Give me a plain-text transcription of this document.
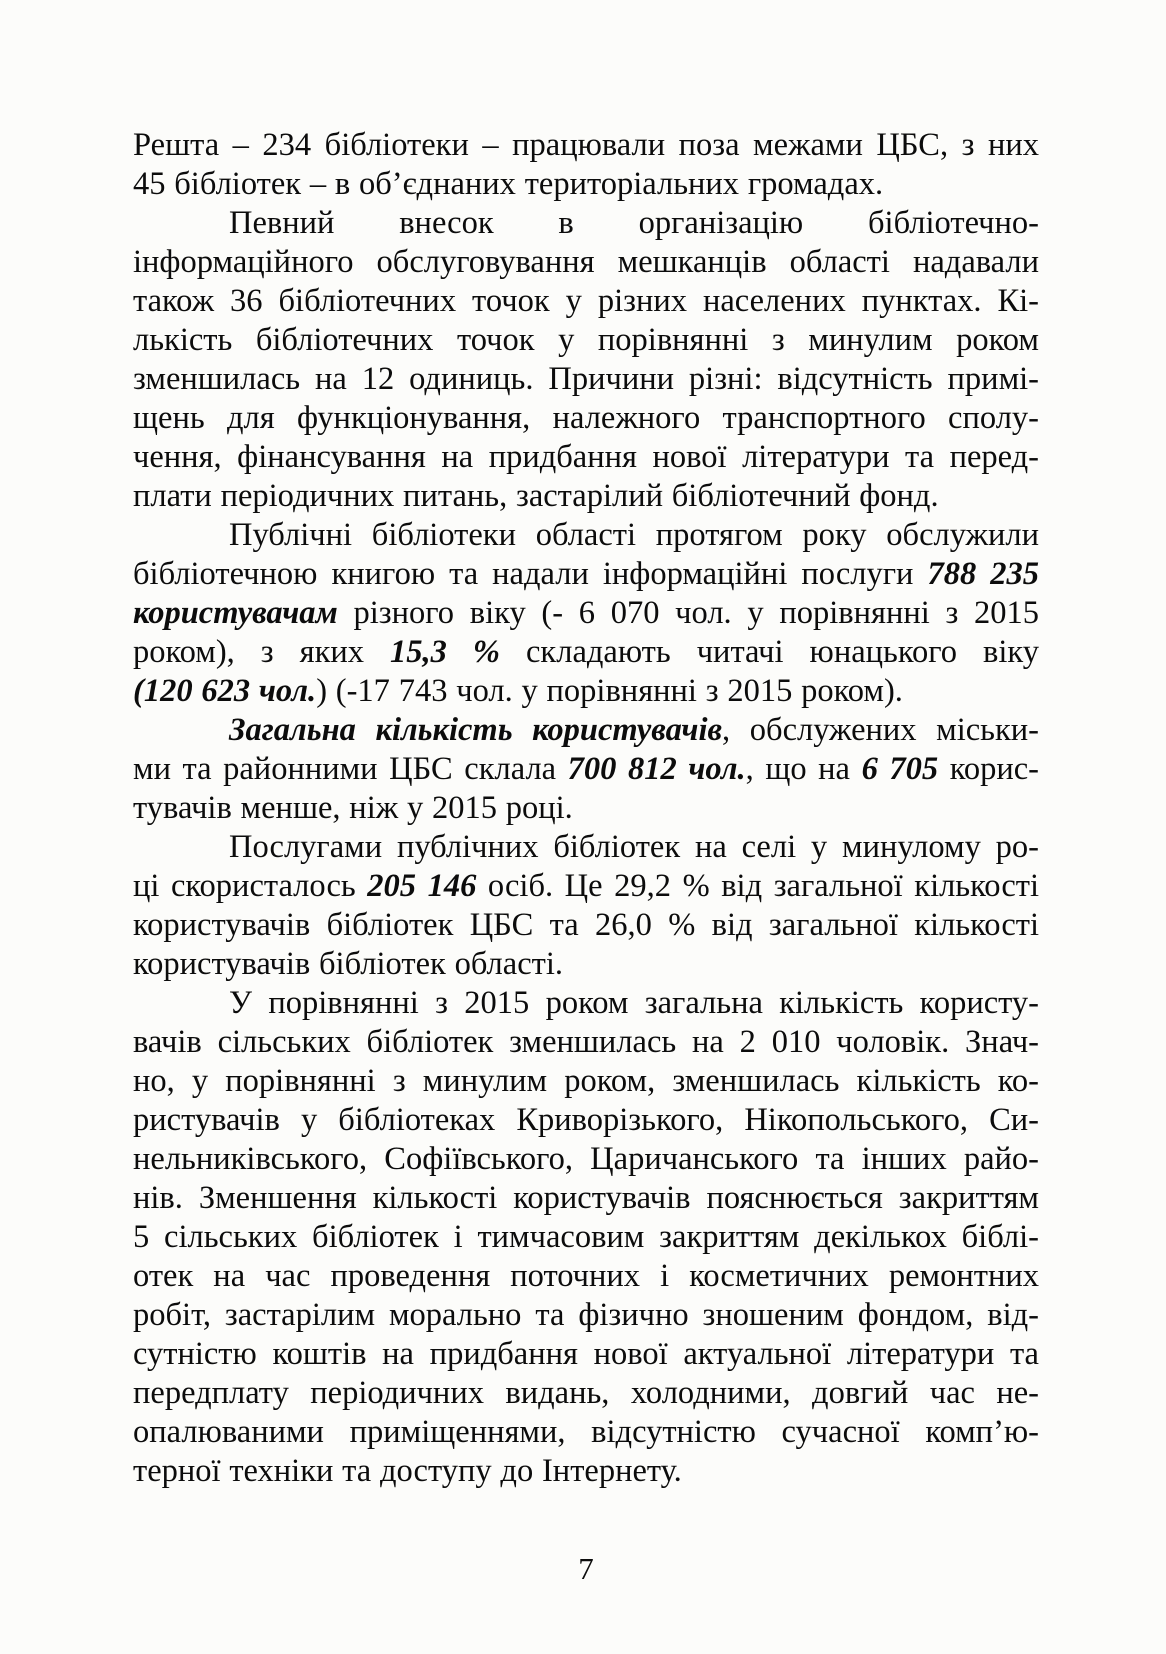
Решта – 234 бібліотеки – працювали поза межами ЦБС, з них
45 бібліотек – в об’єднаних територіальних громадах.
Певний внесок в організацію бібліотечно-
інформаційного обслуговування мешканців області надавали
також 36 бібліотечних точок у різних населених пунктах. Кі-
лькість бібліотечних точок у порівнянні з минулим роком
зменшилась на 12 одиниць. Причини різні: відсутність примі-
щень для функціонування, належного транспортного сполу-
чення, фінансування на придбання нової літератури та перед-
плати періодичних питань, застарілий бібліотечний фонд.
Публічні бібліотеки області протягом року обслужили
бібліотечною книгою та надали інформаційні послуги 788 235
користувачам різного віку (- 6 070 чол. у порівнянні з 2015
роком), з яких 15,3 % складають читачі юнацького віку
(120 623 чол.) (-17 743 чол. у порівнянні з 2015 роком).
Загальна кількість користувачів, обслужених міськи-
ми та районними ЦБС склала 700 812 чол., що на 6 705 корис-
тувачів менше, ніж у 2015 році.
Послугами публічних бібліотек на селі у минулому ро-
ці скористалось 205 146 осіб. Це 29,2 % від загальної кількості
користувачів бібліотек ЦБС та 26,0 % від загальної кількості
користувачів бібліотек області.
У порівнянні з 2015 роком загальна кількість користу-
вачів сільських бібліотек зменшилась на 2 010 чоловік. Знач-
но, у порівнянні з минулим роком, зменшилась кількість ко-
ристувачів у бібліотеках Криворізького, Нікопольського, Си-
нельниківського, Софіївського, Царичанського та інших райо-
нів. Зменшення кількості користувачів пояснюється закриттям
5 сільських бібліотек і тимчасовим закриттям декількох біблі-
отек на час проведення поточних і косметичних ремонтних
робіт, застарілим морально та фізично зношеним фондом, від-
сутністю коштів на придбання нової актуальної літератури та
передплату періодичних видань, холодними, довгий час не-
опалюваними приміщеннями, відсутністю сучасної комп’ю-
терної техніки та доступу до Інтернету.
7
